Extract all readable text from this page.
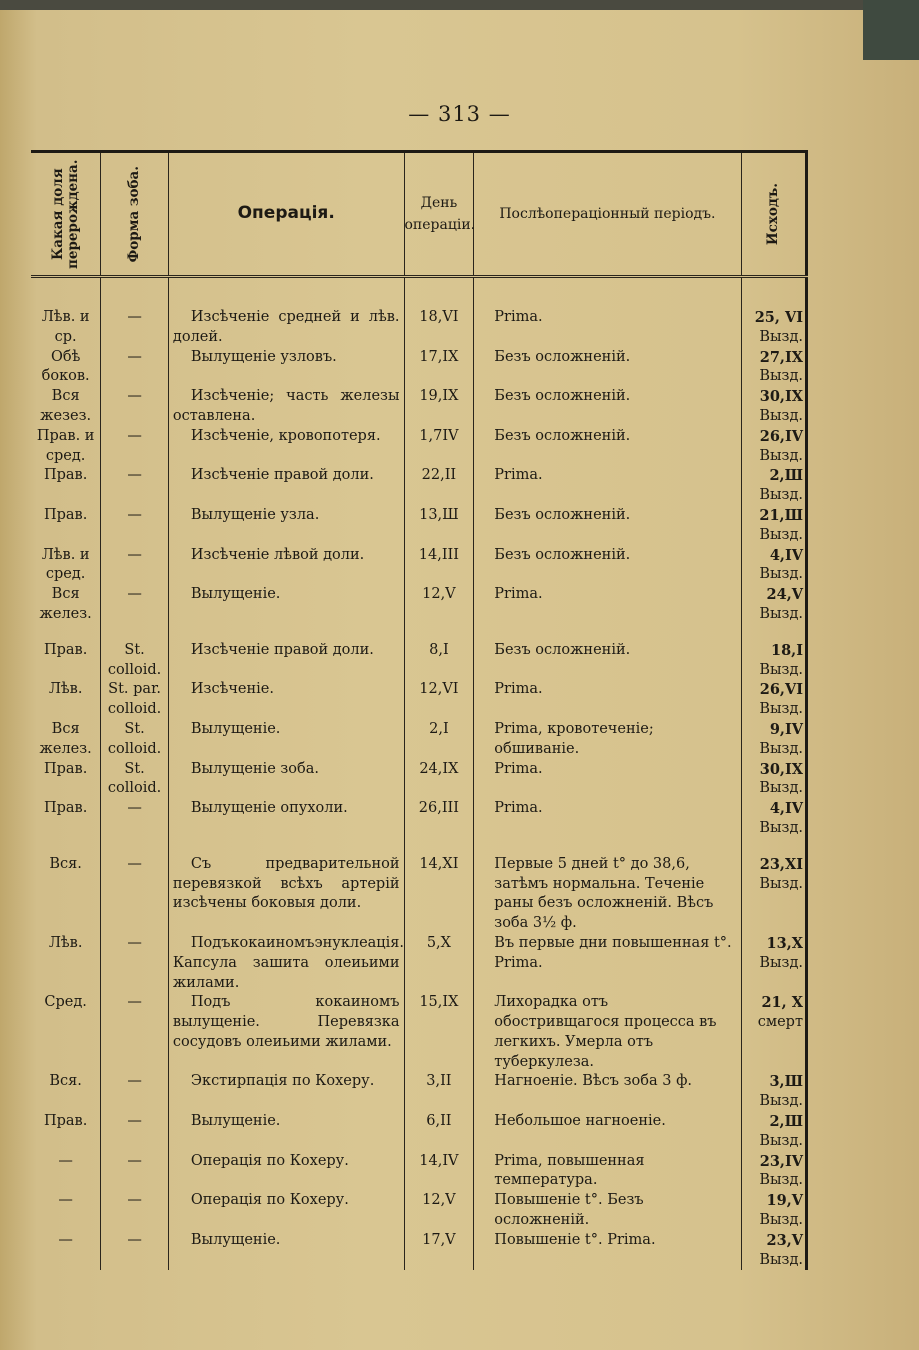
— 313 —
Какая доля перерождена.	Форма зоба.	Операція.	День операціи.	Послѣопераціонный періодъ.	Исходъ.

Лѣв. и ср.	—	Изсѣченіе средней и лѣв. долей.	18,VI	Prima.	25, VI
Вызд.

Обѣ боков.	—	Вылущеніе узловъ.	17,IX	Безъ осложненій.	27,IX
Вызд.

Вся жезез.	—	Изсѣченіе; часть железы оставлена.	19,IX	Безъ осложненій.	30,IX
Вызд.

Прав. и сред.	—	Изсѣченіе, кровопотеря.	1,7IV	Безъ осложненій.	26,IV
Вызд.

Прав.	—	Изсѣченіе правой доли.	22,II	Prima.	2,Ш
Вызд.

Прав.	—	Вылущеніе узла.	13,Ш	Безъ осложненій.	21,Ш
Вызд.

Лѣв. и сред.	—	Изсѣченіе лѣвой доли.	14,III	Безъ осложненій.	4,IV
Вызд.

Вся желез.	—	Вылущеніе.	12,V	Prima.	24,V
Вызд.

Прав.	St. colloid.	Изсѣченіе правой доли.	8,I	Безъ осложненій.	18,I
Вызд.

Лѣв.	St. par. colloid.	Изсѣченіе.	12,VI	Prima.	26,VI
Вызд.

Вся желез.	St. colloid.	Вылущеніе.	2,I	Prima, кровотеченіе; обшиваніе.	9,IV
Вызд.

Прав.	St. colloid.	Вылущеніе зоба.	24,IX	Prima.	30,IX
Вызд.

Прав.	—	Вылущеніе опухоли.	26,III	Prima.	4,IV
Вызд.

Вся.	—	Съ предварительной перевязкой всѣхъ артерій изсѣчены боковыя доли.	14,XI	Первые 5 дней t° до 38,6, затѣмъ нормальна. Теченіе раны безъ осложненій. Вѣсъ зоба 3½ ф.	23,XI
Вызд.

Лѣв.	—	Подъкокаиномъэнуклеація. Капсула зашита олеиьими жилами.	5,X	Въ первые дни повышенная t°. Prima.	13,X
Вызд.

Сред.	—	Подъ кокаиномъ вылущеніе. Перевязка сосудовъ олеиьими жилами.	15,IX	Лихорадка отъ обостривщагося процесса въ легкихъ. Умерла отъ туберкулеза.	21, X
смерт

Вся.	—	Экстирпація по Кохеру.	3,II	Нагноеніе. Вѣсъ зоба 3 ф.	3,Ш
Вызд.

Прав.	—	Вылущеніе.	6,II	Небольшое нагноеніе.	2,Ш
Вызд.

—	—	Операція по Кохеру.	14,IV	Prima, повышенная температура.	23,IV
Вызд.

—	—	Операція по Кохеру.	12,V	Повышеніе t°. Безъ осложненій.	19,V
Вызд.

—	—	Вылущеніе.	17,V	Повышеніе t°. Prima.	23,V
Вызд.
